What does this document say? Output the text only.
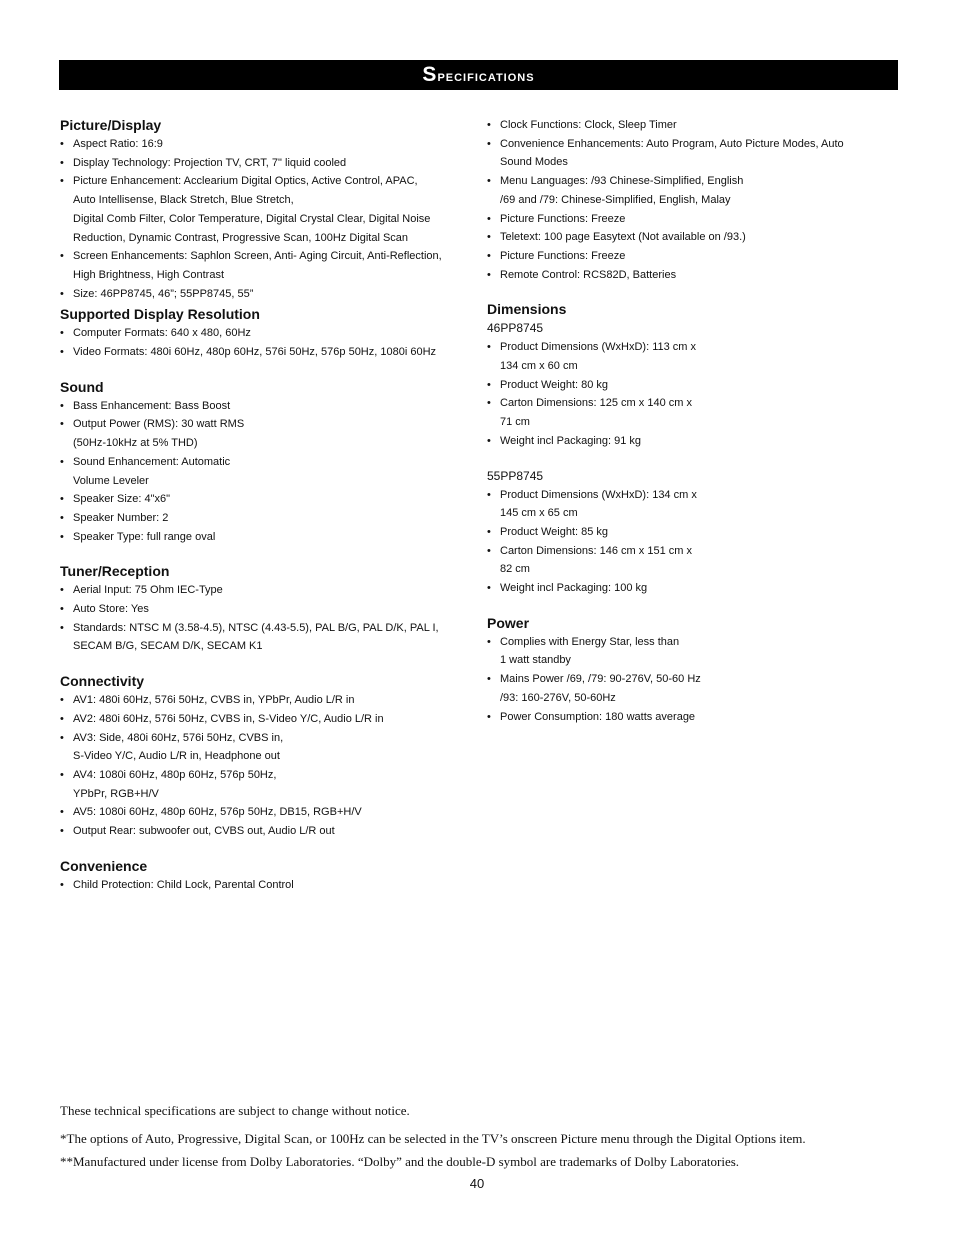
Specifications
Picture/Display
• Aspect Ratio: 16:9
• Display Technology: Projection TV, CRT, 7" liquid cooled
• Picture Enhancement: Acclearium Digital Optics, Active Control, APAC,
Auto Intellisense, Black Stretch, Blue Stretch,
Digital Comb Filter, Color Temperature, Digital Crystal Clear, Digital Noise
Reduction, Dynamic Contrast, Progressive Scan, 100Hz Digital Scan
• Screen Enhancements: Saphlon Screen, Anti- Aging Circuit, Anti-Reflection,
High Brightness, High Contrast
• Size: 46PP8745, 46”; 55PP8745, 55”
Supported Display Resolution
• Computer Formats: 640 x 480, 60Hz
• Video Formats: 480i 60Hz, 480p 60Hz, 576i 50Hz, 576p 50Hz, 1080i 60Hz
Sound
• Bass Enhancement: Bass Boost
• Output Power (RMS): 30 watt RMS
(50Hz-10kHz at 5% THD)
• Sound Enhancement: Automatic
Volume Leveler
• Speaker Size: 4"x6"
• Speaker Number: 2
• Speaker Type: full range oval
Tuner/Reception
• Aerial Input: 75 Ohm IEC-Type
• Auto Store: Yes
• Standards: NTSC M (3.58-4.5), NTSC (4.43-5.5), PAL B/G, PAL D/K, PAL I,
SECAM B/G, SECAM D/K, SECAM K1
Connectivity
• AV1: 480i 60Hz, 576i 50Hz, CVBS in, YPbPr, Audio L/R in
• AV2: 480i 60Hz, 576i 50Hz, CVBS in, S-Video Y/C, Audio L/R in
• AV3: Side, 480i 60Hz, 576i 50Hz, CVBS in,
S-Video Y/C, Audio L/R in, Headphone out
• AV4: 1080i 60Hz, 480p 60Hz, 576p 50Hz,
YPbPr, RGB+H/V
• AV5: 1080i 60Hz, 480p 60Hz, 576p 50Hz, DB15, RGB+H/V
• Output Rear: subwoofer out, CVBS out, Audio L/R out
Convenience
• Child Protection: Child Lock, Parental Control
• Clock Functions: Clock, Sleep Timer
• Convenience Enhancements: Auto Program, Auto Picture Modes, Auto
Sound Modes
• Menu Languages: /93 Chinese-Simplified, English
/69 and /79: Chinese-Simplified, English, Malay
• Picture Functions: Freeze
• Teletext: 100 page Easytext (Not available on /93.)
• Picture Functions: Freeze
• Remote Control: RCS82D, Batteries
Dimensions
46PP8745
• Product Dimensions (WxHxD): 113 cm x
134 cm x 60 cm
• Product Weight: 80 kg
• Carton Dimensions: 125 cm x 140 cm x
71 cm
• Weight incl Packaging: 91 kg
55PP8745
• Product Dimensions (WxHxD): 134 cm x
145 cm x 65 cm
• Product Weight: 85 kg
• Carton Dimensions: 146 cm x 151 cm x
82 cm
• Weight incl Packaging: 100 kg
Power
• Complies with Energy Star, less than
1 watt standby
• Mains Power /69, /79: 90-276V, 50-60 Hz
/93: 160-276V, 50-60Hz
• Power Consumption: 180 watts average
These technical specifications are subject to change without notice.
*The options of Auto, Progressive, Digital Scan, or 100Hz can be selected in the TV’s onscreen Picture menu through the Digital Options item.
**Manufactured under license from Dolby Laboratories. “Dolby” and the double-D symbol are trademarks of Dolby Laboratories.
40
